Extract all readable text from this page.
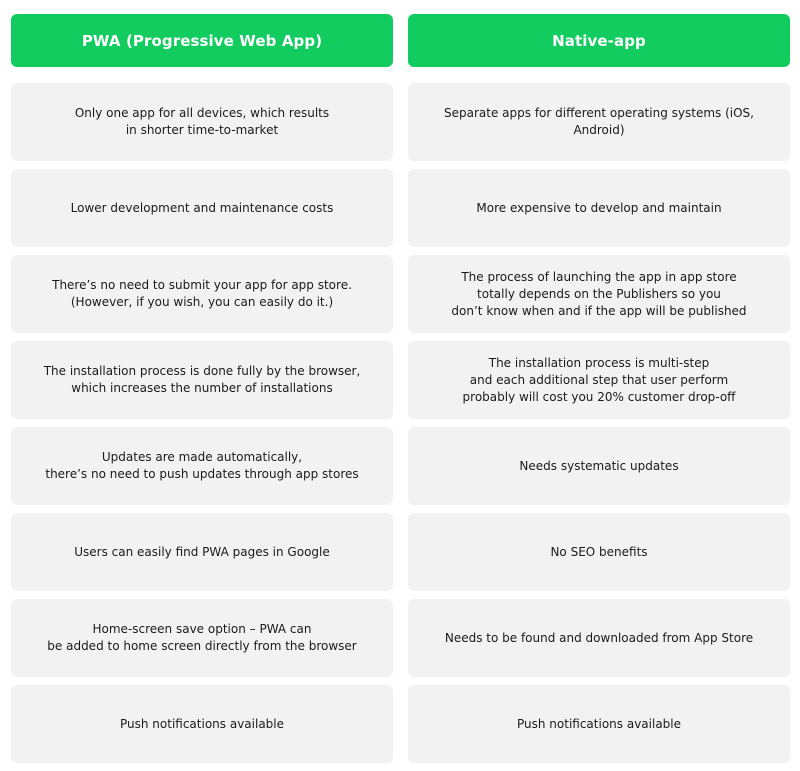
PWA (Progressive Web App)
Only one app for all devices, which results
in shorter time-to-market
Lower development and maintenance costs
There’s no need to submit your app for app store.
(However, if you wish, you can easily do it.)
The installation process is done fully by the browser,
which increases the number of installations
Updates are made automatically,
there’s no need to push updates through app stores
Users can easily find PWA pages in Google
Home-screen save option – PWA can
be added to home screen directly from the browser
Push notifications available
Native-app
Separate apps for different operating systems (iOS, Android)
More expensive to develop and maintain
The process of launching the app in app store
totally depends on the Publishers so you
don’t know when and if the app will be published
The installation process is multi-step
and each additional step that user perform
probably will cost you 20% customer drop-off
Needs systematic updates
No SEO benefits
Needs to be found and downloaded from App Store
Push notifications available
